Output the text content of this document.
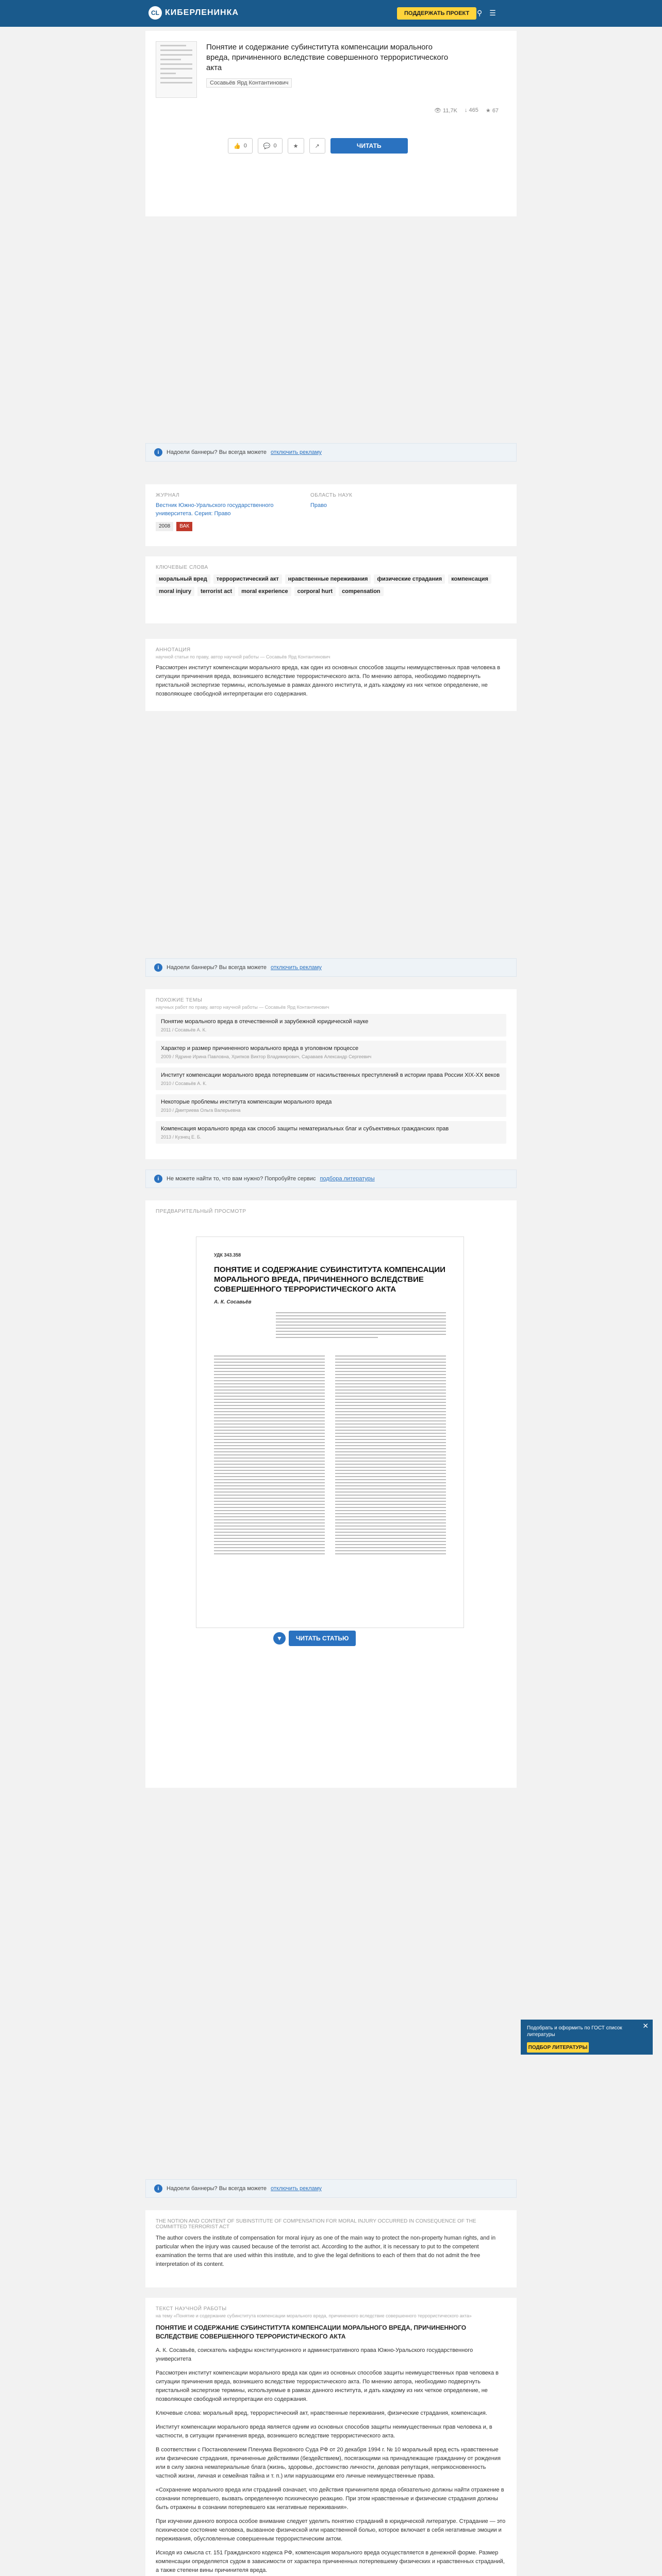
CL КИБЕРЛЕНИНКА	ПОДДЕРЖАТЬ ПРОЕКТ	⚲ ☰
Понятие и содержание субинститута компенсации морального вреда, причиненного вследствие совершенного террористического акта
Сосавьёв Ярд Контантинович
👁 11,7K ↓ 465 ★ 67
👍 0	💬 0	★	↗	ЧИТАТЬ
i	Надоели баннеры? Вы всегда можете отключить рекламу
ЖУРНАЛ
Вестник Южно-Уральского государственного университета. Серия: Право
2008	ВАК
ОБЛАСТЬ НАУК
Право
КЛЮЧЕВЫЕ СЛОВА
моральный вред	террористический акт	нравственные переживания	физические страдания	компенсация
moral injury	terrorist act	moral experience	corporal hurt	compensation
АННОТАЦИЯ
научной статьи по праву, автор научной работы — Сосавьёв Ярд Контантинович
Рассмотрен институт компенсации морального вреда, как один из основных способов защиты неимущественных прав человека в ситуации причинения вреда, возникшего вследствие террористического акта. По мнению автора, необходимо подвергнуть пристальной экспертизе термины, используемые в рамках данного института, и дать каждому из них четкое определение, не позволяющее свободной интерпретации его содержания.
i	Надоели баннеры? Вы всегда можете отключить рекламу
ПОХОЖИЕ ТЕМЫ
научных работ по праву, автор научной работы — Сосавьёв Ярд Контантинович
Понятие морального вреда в отечественной и зарубежной юридической науке
2011 / Сосавьёв А. К.
Характер и размер причиненного морального вреда в уголовном процессе
2009 / Ядрине Ирина Павловна, Хрипков Виктор Владимирович, Сараваев Александр Сергеевич
Институт компенсации морального вреда потерпевшим от насильственных преступлений в истории права России XIX-XX веков
2010 / Сосавьёв А. К.
Некоторые проблемы института компенсации морального вреда
2010 / Дмитриева Ольга Валерьевна
Компенсация морального вреда как способ защиты нематериальных благ и субъективных гражданских прав
2013 / Кузнец Е. Б.
i	Не можете найти то, что вам нужно? Попробуйте сервис подбора литературы
ПРЕДВАРИТЕЛЬНЫЙ ПРОСМОТР
УДК 343.358
ПОНЯТИЕ И СОДЕРЖАНИЕ СУБИНСТИТУТА КОМПЕНСАЦИИ МОРАЛЬНОГО ВРЕДА, ПРИЧИНЕННОГО ВСЛЕДСТВИЕ СОВЕРШЕННОГО ТЕРРОРИСТИЧЕСКОГО АКТА
А. К. Сосавьёв
▼	ЧИТАТЬ СТАТЬЮ
✕
Подобрать и оформить по ГОСТ список литературы
ПОДБОР ЛИТЕРАТУРЫ
i	Надоели баннеры? Вы всегда можете отключить рекламу
THE NOTION AND CONTENT OF SUBINSTITUTE OF COMPENSATION FOR MORAL INJURY OCCURRED IN CONSEQUENCE OF THE COMMITTED TERRORIST ACT
The author covers the institute of compensation for moral injury as one of the main way to protect the non-property human rights, and in particular when the injury was caused because of the terrorist act. According to the author, it is necessary to put to the competent examination the terms that are used within this institute, and to give the legal definitions to each of them that do not admit the free interpretation of its content.
ТЕКСТ НАУЧНОЙ РАБОТЫ
на тему «Понятие и содержание субинститута компенсации морального вреда, причиненного вследствие совершенного террористического акта»
ПОНЯТИЕ И СОДЕРЖАНИЕ СУБИНСТИТУТА КОМПЕНСАЦИИ МОРАЛЬНОГО ВРЕДА, ПРИЧИНЕННОГО ВСЛЕДСТВИЕ СОВЕРШЕННОГО ТЕРРОРИСТИЧЕСКОГО АКТА

А. К. Сосавьёв, соискатель кафедры конституционного и административного права Южно-Уральского государственного университета

Рассмотрен институт компенсации морального вреда как один из основных способов защиты неимущественных прав человека в ситуации причинения вреда, возникшего вследствие террористического акта. По мнению автора, необходимо подвергнуть пристальной экспертизе термины, используемые в рамках данного института, и дать каждому из них четкое определение, не позволяющее свободной интерпретации его содержания.

Ключевые слова: моральный вред, террористический акт, нравственные переживания, физические страдания, компенсация.

Институт компенсации морального вреда является одним из основных способов защиты неимущественных прав человека и, в частности, в ситуации причинения вреда, возникшего вследствие террористического акта.

В соответствии с Постановлением Пленума Верховного Суда РФ от 20 декабря 1994 г. № 10 моральный вред есть нравственные или физические страдания, причиненные действиями (бездействием), посягающими на принадлежащие гражданину от рождения или в силу закона нематериальные блага (жизнь, здоровье, достоинство личности, деловая репутация, неприкосновенность частной жизни, личная и семейная тайна и т. п.) или нарушающими его личные неимущественные права.

«Сохранение морального вреда или страданий означает, что действия причинителя вреда обязательно должны найти отражение в сознании потерпевшего, вызвать определенную психическую реакцию. При этом нравственные и физические страдания должны быть отражены в сознании потерпевшего как негативные переживания».

При изучении данного вопроса особое внимание следует уделить понятию страданий в юридической литературе. Страдание — это психическое состояние человека, вызванное физической или нравственной болью, которое включает в себя негативные эмоции и переживания, обусловленные совершенным террористическим актом.

Исходя из смысла ст. 151 Гражданского кодекса РФ, компенсация морального вреда осуществляется в денежной форме. Размер компенсации определяется судом в зависимости от характера причиненных потерпевшему физических и нравственных страданий, а также степени вины причинителя вреда.
